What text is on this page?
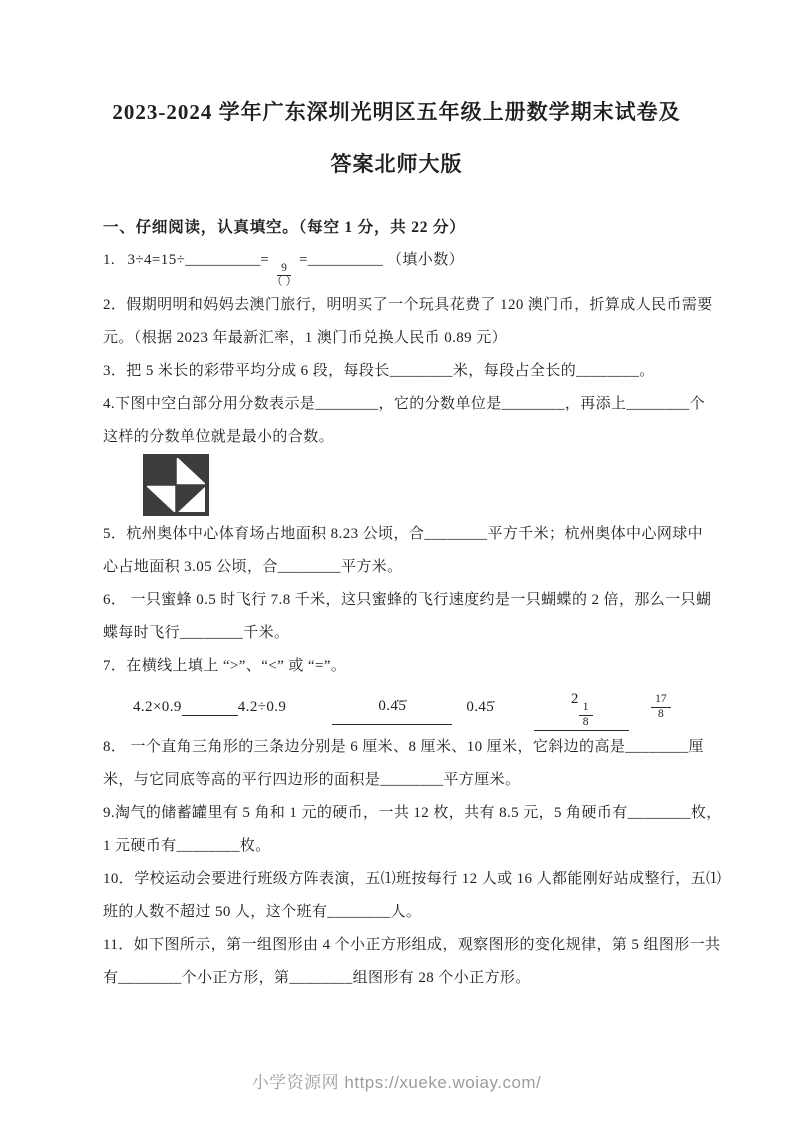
2023-2024 学年广东深圳光明区五年级上册数学期末试卷及
答案北师大版
一、仔细阅读，认真填空。（每空 1 分，共 22 分）
1.   3÷4=15÷__________=
$\frac{9}{( )}$
=__________ （填小数）
2．假期明明和妈妈去澳门旅行，明明买了一个玩具花费了 120 澳门币，折算成人民币需要
元。（根据 2023 年最新汇率，1 澳门币兑换人民币 0.89 元）
3．把 5 米长的彩带平均分成 6 段，每段长________米，每段占全长的________。
4.下图中空白部分用分数表示是________，它的分数单位是________，再添上________个
这样的分数单位就是最小的合数。
5．杭州奥体中心体育场占地面积 8.23 公顷，合________平方千米；杭州奥体中心网球中
心占地面积 3.05 公顷，合________平方米。
6． 一只蜜蜂 0.5 时飞行 7.8 千米，这只蜜蜂的飞行速度约是一只蝴蝶的 2 倍，那么一只蝴
蝶每时飞行________千米。
7．在横线上填上 “>”、“<” 或 “=”。
4.2×0.9	4.2÷0.9	0.4̇5̇	0.45̇	2
$\frac{1}{8}$	$\frac{17}{8}$
8． 一个直角三角形的三条边分别是 6 厘米、8 厘米、10 厘米，它斜边的高是________厘
米，与它同底等高的平行四边形的面积是________平方厘米。
9.淘气的储蓄罐里有 5 角和 1 元的硬币，一共 12 枚，共有 8.5 元，5 角硬币有________枚，
1 元硬币有________枚。
10．学校运动会要进行班级方阵表演，五⑴班按每行 12 人或 16 人都能刚好站成整行，五⑴
班的人数不超过 50 人，这个班有________人。
11．如下图所示，第一组图形由 4 个小正方形组成，观察图形的变化规律，第 5 组图形一共
有________个小正方形，第________组图形有 28 个小正方形。
小学资源网 https://xueke.woiay.com/
